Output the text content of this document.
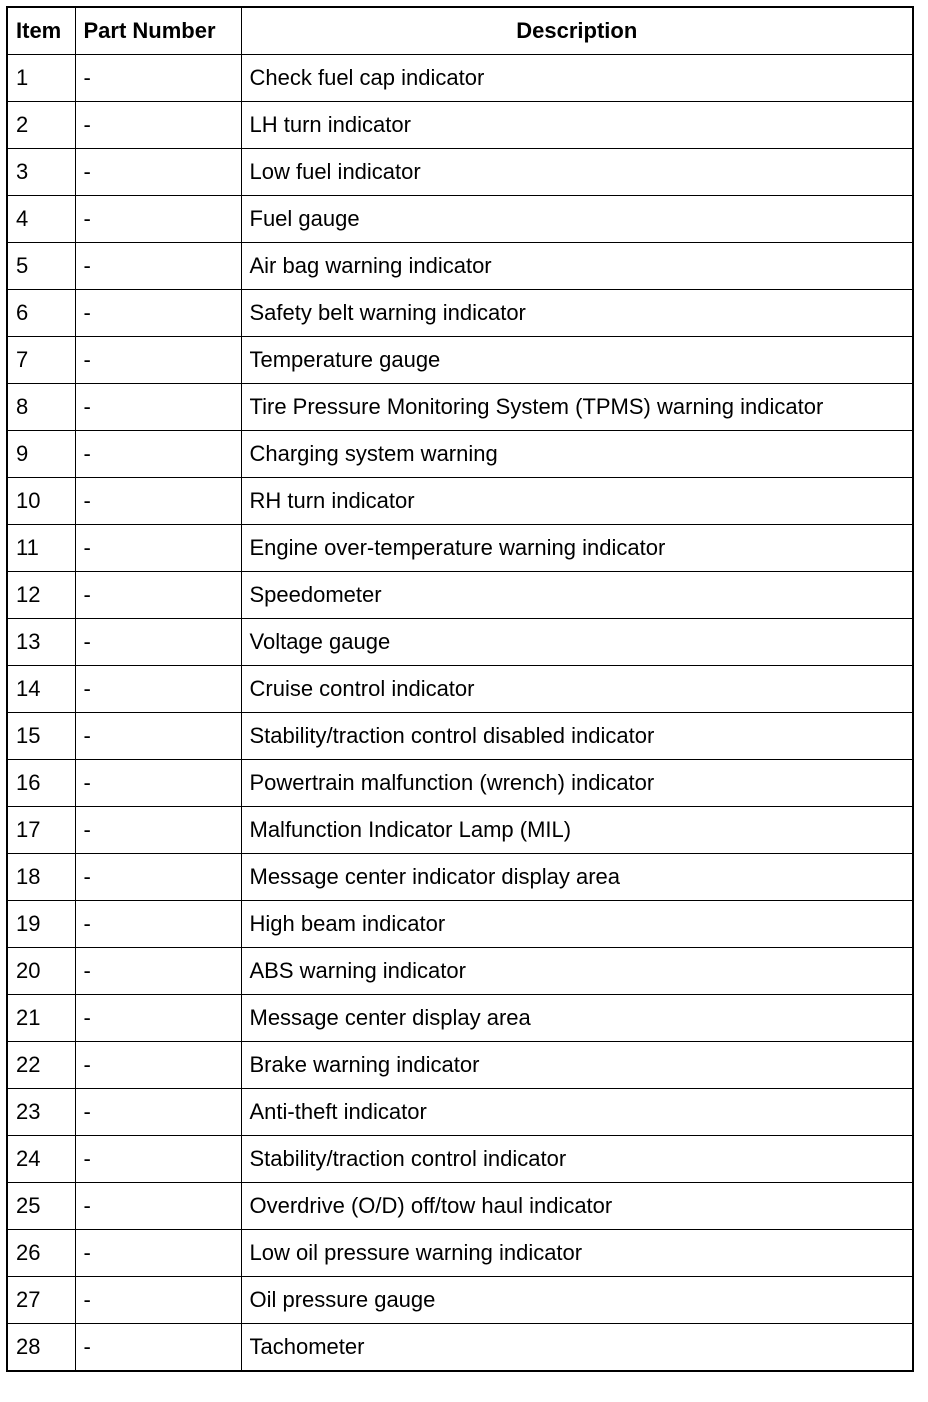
Item	Part Number	Description
1	-	Check fuel cap indicator
2	-	LH turn indicator
3	-	Low fuel indicator
4	-	Fuel gauge
5	-	Air bag warning indicator
6	-	Safety belt warning indicator
7	-	Temperature gauge
8	-	Tire Pressure Monitoring System (TPMS) warning indicator
9	-	Charging system warning
10	-	RH turn indicator
11	-	Engine over-temperature warning indicator
12	-	Speedometer
13	-	Voltage gauge
14	-	Cruise control indicator
15	-	Stability/traction control disabled indicator
16	-	Powertrain malfunction (wrench) indicator
17	-	Malfunction Indicator Lamp (MIL)
18	-	Message center indicator display area
19	-	High beam indicator
20	-	ABS warning indicator
21	-	Message center display area
22	-	Brake warning indicator
23	-	Anti-theft indicator
24	-	Stability/traction control indicator
25	-	Overdrive (O/D) off/tow haul indicator
26	-	Low oil pressure warning indicator
27	-	Oil pressure gauge
28	-	Tachometer
